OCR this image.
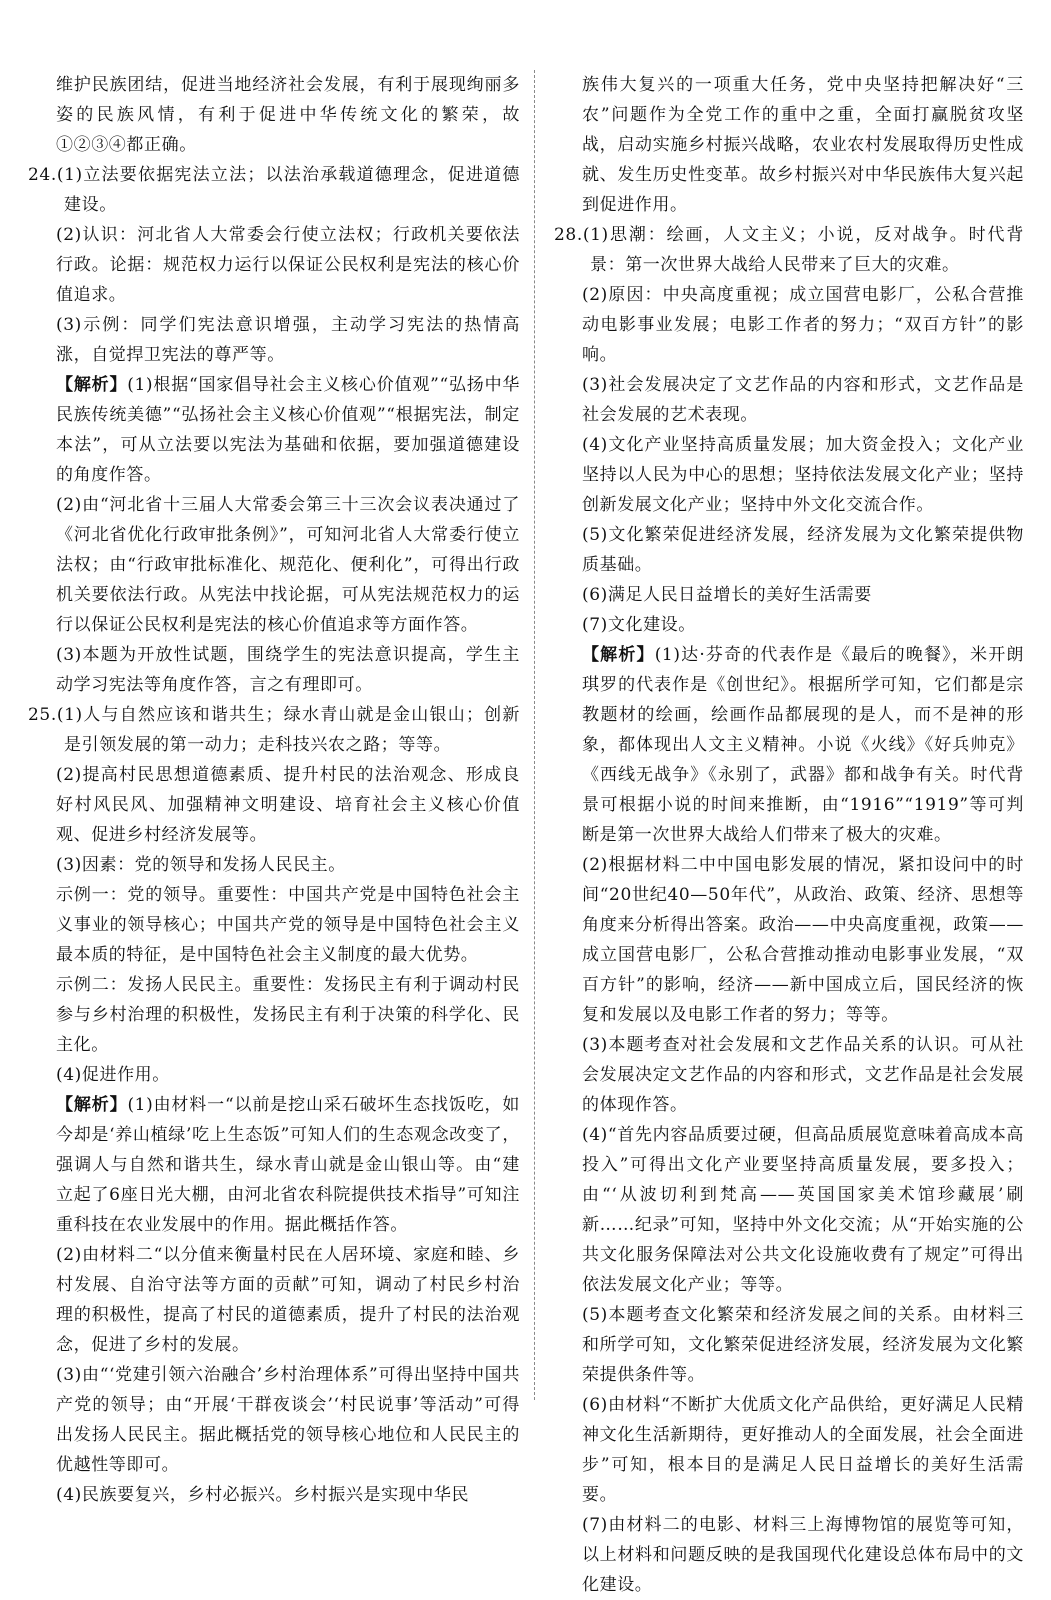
维护民族团结，促进当地经济社会发展，有利于展现绚丽多姿的民族风情，有利于促进中华传统文化的繁荣，故①②③④都正确。
24.(1)立法要依据宪法立法；以法治承载道德理念，促进道德建设。
(2)认识：河北省人大常委会行使立法权；行政机关要依法行政。论据：规范权力运行以保证公民权利是宪法的核心价值追求。
(3)示例：同学们宪法意识增强，主动学习宪法的热情高涨，自觉捍卫宪法的尊严等。
【解析】(1)根据“国家倡导社会主义核心价值观”“弘扬中华民族传统美德”“弘扬社会主义核心价值观”“根据宪法，制定本法”，可从立法要以宪法为基础和依据，要加强道德建设的角度作答。
(2)由“河北省十三届人大常委会第三十三次会议表决通过了《河北省优化行政审批条例》”，可知河北省人大常委行使立法权；由“行政审批标准化、规范化、便利化”，可得出行政机关要依法行政。从宪法中找论据，可从宪法规范权力的运行以保证公民权利是宪法的核心价值追求等方面作答。
(3)本题为开放性试题，围绕学生的宪法意识提高，学生主动学习宪法等角度作答，言之有理即可。
25.(1)人与自然应该和谐共生；绿水青山就是金山银山；创新是引领发展的第一动力；走科技兴农之路；等等。
(2)提高村民思想道德素质、提升村民的法治观念、形成良好村风民风、加强精神文明建设、培育社会主义核心价值观、促进乡村经济发展等。
(3)因素：党的领导和发扬人民民主。
示例一：党的领导。重要性：中国共产党是中国特色社会主义事业的领导核心；中国共产党的领导是中国特色社会主义最本质的特征，是中国特色社会主义制度的最大优势。
示例二：发扬人民民主。重要性：发扬民主有利于调动村民参与乡村治理的积极性，发扬民主有利于决策的科学化、民主化。
(4)促进作用。
【解析】(1)由材料一“以前是挖山采石破坏生态找饭吃，如今却是‘养山植绿’吃上生态饭”可知人们的生态观念改变了，强调人与自然和谐共生，绿水青山就是金山银山等。由“建立起了6座日光大棚，由河北省农科院提供技术指导”可知注重科技在农业发展中的作用。据此概括作答。
(2)由材料二“以分值来衡量村民在人居环境、家庭和睦、乡村发展、自治守法等方面的贡献”可知，调动了村民乡村治理的积极性，提高了村民的道德素质，提升了村民的法治观念，促进了乡村的发展。
(3)由“‘党建引领六治融合’乡村治理体系”可得出坚持中国共产党的领导；由“开展‘干群夜谈会’‘村民说事’等活动”可得出发扬人民民主。据此概括党的领导核心地位和人民民主的优越性等即可。
(4)民族要复兴，乡村必振兴。乡村振兴是实现中华民
族伟大复兴的一项重大任务，党中央坚持把解决好“三农”问题作为全党工作的重中之重，全面打赢脱贫攻坚战，启动实施乡村振兴战略，农业农村发展取得历史性成就、发生历史性变革。故乡村振兴对中华民族伟大复兴起到促进作用。
28.(1)思潮：绘画，人文主义；小说，反对战争。时代背景：第一次世界大战给人民带来了巨大的灾难。
(2)原因：中央高度重视；成立国营电影厂，公私合营推动电影事业发展；电影工作者的努力；“双百方针”的影响。
(3)社会发展决定了文艺作品的内容和形式，文艺作品是社会发展的艺术表现。
(4)文化产业坚持高质量发展；加大资金投入；文化产业坚持以人民为中心的思想；坚持依法发展文化产业；坚持创新发展文化产业；坚持中外文化交流合作。
(5)文化繁荣促进经济发展，经济发展为文化繁荣提供物质基础。
(6)满足人民日益增长的美好生活需要
(7)文化建设。
【解析】(1)达·芬奇的代表作是《最后的晚餐》，米开朗琪罗的代表作是《创世纪》。根据所学可知，它们都是宗教题材的绘画，绘画作品都展现的是人，而不是神的形象，都体现出人文主义精神。小说《火线》《好兵帅克》《西线无战争》《永别了，武器》都和战争有关。时代背景可根据小说的时间来推断，由“1916”“1919”等可判断是第一次世界大战给人们带来了极大的灾难。
(2)根据材料二中中国电影发展的情况，紧扣设问中的时间“20世纪40—50年代”，从政治、政策、经济、思想等角度来分析得出答案。政治——中央高度重视，政策——成立国营电影厂，公私合营推动推动电影事业发展，“双百方针”的影响，经济——新中国成立后，国民经济的恢复和发展以及电影工作者的努力；等等。
(3)本题考查对社会发展和文艺作品关系的认识。可从社会发展决定文艺作品的内容和形式，文艺作品是社会发展的体现作答。
(4)“首先内容品质要过硬，但高品质展览意味着高成本高投入”可得出文化产业要坚持高质量发展，要多投入；由“‘从波切利到梵高——英国国家美术馆珍藏展’刷新……纪录”可知，坚持中外文化交流；从“开始实施的公共文化服务保障法对公共文化设施收费有了规定”可得出依法发展文化产业；等等。
(5)本题考查文化繁荣和经济发展之间的关系。由材料三和所学可知，文化繁荣促进经济发展，经济发展为文化繁荣提供条件等。
(6)由材料“不断扩大优质文化产品供给，更好满足人民精神文化生活新期待，更好推动人的全面发展，社会全面进步”可知，根本目的是满足人民日益增长的美好生活需要。
(7)由材料二的电影、材料三上海博物馆的展览等可知，以上材料和问题反映的是我国现代化建设总体布局中的文化建设。
